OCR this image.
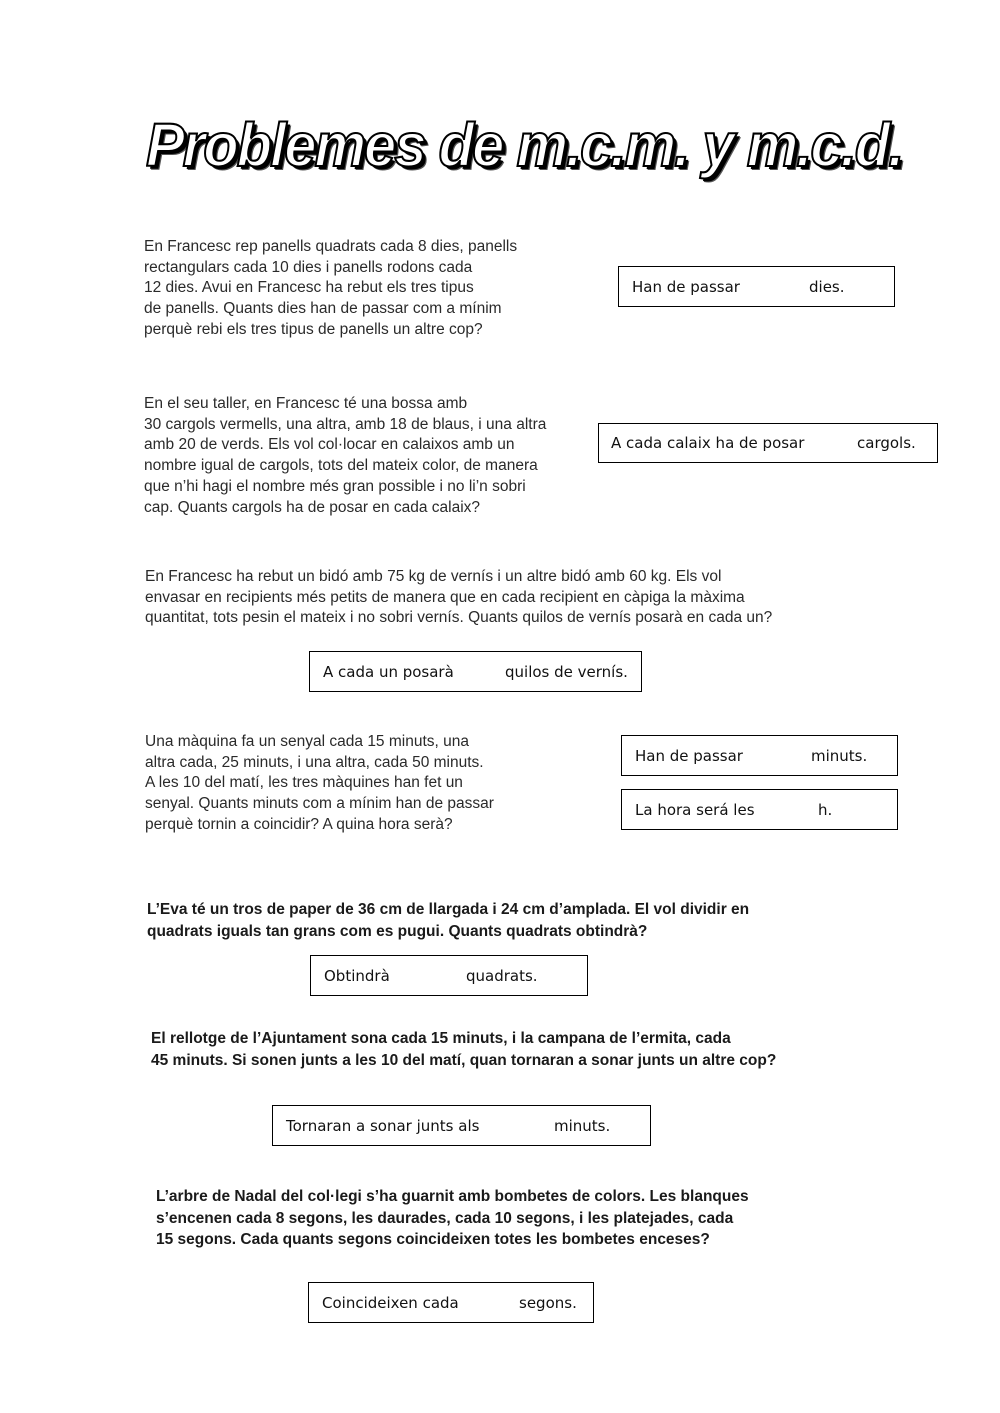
Problemes de m.c.m. y m.c.d.
En Francesc rep panells quadrats cada 8 dies, panells
rectangulars cada 10 dies i panells rodons cada
12 dies. Avui en Francesc ha rebut els tres tipus
de panells. Quants dies han de passar com a mínim
perquè rebi els tres tipus de panells un altre cop?
Han de passar	dies.
En el seu taller, en Francesc té una bossa amb
30 cargols vermells, una altra, amb 18 de blaus, i una altra
amb 20 de verds. Els vol col·locar en calaixos amb un
nombre igual de cargols, tots del mateix color, de manera
que n’hi hagi el nombre més gran possible i no li’n sobri
cap. Quants cargols ha de posar en cada calaix?
A cada calaix ha de posar	cargols.
En Francesc ha rebut un bidó amb 75 kg de vernís i un altre bidó amb 60 kg. Els vol
envasar en recipients més petits de manera que en cada recipient en càpiga la màxima
quantitat, tots pesin el mateix i no sobri vernís. Quants quilos de vernís posarà en cada un?
A cada un posarà	quilos de vernís.
Una màquina fa un senyal cada 15 minuts, una
altra cada, 25 minuts, i una altra, cada 50 minuts.
A les 10 del matí, les tres màquines han fet un
senyal. Quants minuts com a mínim han de passar
perquè tornin a coincidir? A quina hora serà?
Han de passar	minuts.
La hora será les	h.
L’Eva té un tros de paper de 36 cm de llargada i 24 cm d’amplada. El vol dividir en
quadrats iguals tan grans com es pugui. Quants quadrats obtindrà?
Obtindrà	quadrats.
El rellotge de l’Ajuntament sona cada 15 minuts, i la campana de l’ermita, cada
45 minuts. Si sonen junts a les 10 del matí, quan tornaran a sonar junts un altre cop?
Tornaran a sonar junts als	minuts.
L’arbre de Nadal del col·legi s’ha guarnit amb bombetes de colors. Les blanques
s’encenen cada 8 segons, les daurades, cada 10 segons, i les platejades, cada
15 segons. Cada quants segons coincideixen totes les bombetes enceses?
Coincideixen cada	segons.
